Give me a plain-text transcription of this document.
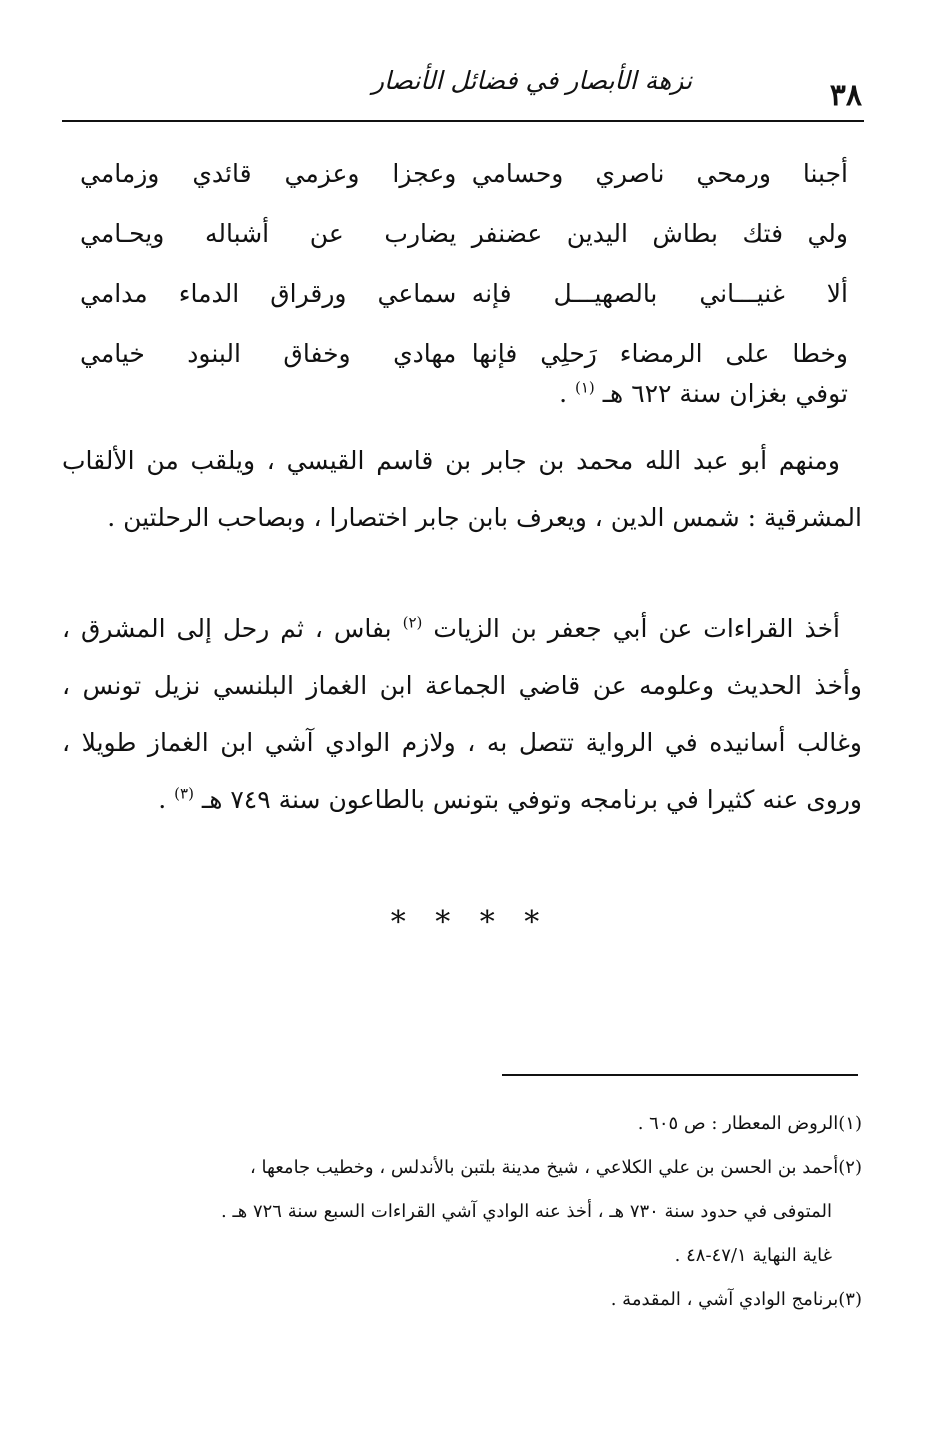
٣٨
نزهة الأبصار في فضائل الأنصار
أجبنا ورمحي ناصري وحسامي
وعجزا وعزمي قائدي وزمامي
ولي فتك بطاش اليدين عضنفر
يضارب عن أشباله ويحـامي
ألا غنيـــاني بالصهيـــل فإنه
سماعي ورقراق الدماء مدامي
وخطا على الرمضاء رَحلِي فإنها
مهادي وخفاق البنود خيامي
توفي بغزان سنة ٦٢٢ هـ $^{(١)}$ .
ومنهم أبو عبد الله محمد بن جابر بن قاسم القيسي ، ويلقب من الألقاب المشرقية : شمس الدين ، ويعرف بابن جابر اختصارا ، وبصاحب الرحلتين .
أخذ القراءات عن أبي جعفر بن الزيات $^{(٢)}$ بفاس ، ثم رحل إلى المشرق ، وأخذ الحديث وعلومه عن قاضي الجماعة ابن الغماز البلنسي نزيل تونس ، وغالب أسانيده في الرواية تتصل به ، ولازم الوادي آشي ابن الغماز طويلا ، وروى عنه كثيرا في برنامجه وتوفي بتونس بالطاعون سنة ٧٤٩ هـ $^{(٣)}$ .
* * * *
(١)الروض المعطار : ص ٦٠٥ .
(٢)أحمد بن الحسن بن علي الكلاعي ، شيخ مدينة بلتبن بالأندلس ، وخطيب جامعها ،
المتوفى في حدود سنة ٧٣٠ هـ ، أخذ عنه الوادي آشي القراءات السبع سنة ٧٢٦ هـ .
غاية النهاية ٤٧/١-٤٨ .
(٣)برنامج الوادي آشي ، المقدمة .
